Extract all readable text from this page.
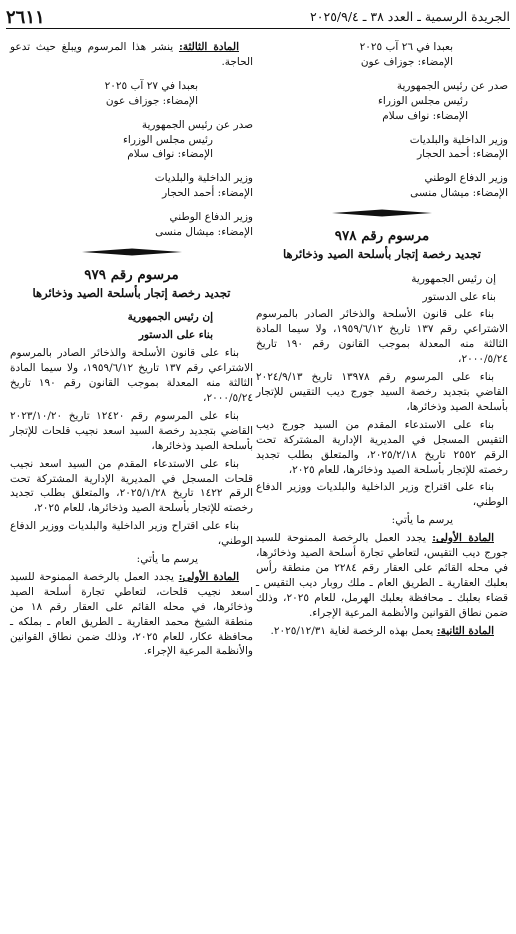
الجريدة الرسمية ـ العدد ٣٨ ـ ٢٠٢٥/٩/٤
٢٦١١

بعبدا في ٢٦ آب ٢٠٢٥

الإمضاء: جوزاف عون

صدر عن رئيس الجمهورية

رئيس مجلس الوزراء

الإمضاء: نواف سلام

وزير الداخلية والبلديات

الإمضاء: أحمد الحجار

وزير الدفاع الوطني

الإمضاء: ميشال منسى

مرسوم رقم ٩٧٨

تجديد رخصة إتجار بأسلحة الصيد وذخائرها

إن رئيس الجمهورية

بناء على الدستور

بناء على قانون الأسلحة والذخائر الصادر بالمرسوم الاشتراعي رقم ١٣٧ تاريخ ١٩٥٩/٦/١٢، ولا سيما المادة الثالثة منه المعدلة بموجب القانون رقم ١٩٠ تاريخ ٢٠٠٠/٥/٢٤،

بناء على المرسوم رقم ١٣٩٧٨ تاريخ ٢٠٢٤/٩/١٣ القاضي بتجديد رخصة السيد جورج ديب التقيس للإتجار بأسلحة الصيد وذخائرها،

بناء على الاستدعاء المقدم من السيد جورج ديب التقيس المسجل في المديرية الإدارية المشتركة تحت الرقم ٢٥٥٢ تاريخ ٢٠٢٥/٢/١٨، والمتعلق بطلب تجديد رخصته للإتجار بأسلحة الصيد وذخائرها، للعام ٢٠٢٥،

بناء على اقتراح وزير الداخلية والبلديات ووزير الدفاع الوطني،

يرسم ما يأتي:

المادة الأولى: يجدد العمل بالرخصة الممنوحة للسيد جورج ديب التقيس، لتعاطي تجارة أسلحة الصيد وذخائرها، في محله القائم على العقار رقم ٢٢٨٤ من منطقة رأس بعلبك العقارية ـ الطريق العام ـ ملك روبار ديب التقيس ـ قضاء بعلبك ـ محافظة بعلبك الهرمل، للعام ٢٠٢٥، وذلك ضمن نطاق القوانين والأنظمة المرعية الإجراء.

المادة الثانية: يعمل بهذه الرخصة لغاية ٢٠٢٥/١٢/٣١.

المادة الثالثة: ينشر هذا المرسوم ويبلغ حيث تدعو الحاجة.

بعبدا في ٢٧ آب ٢٠٢٥

الإمضاء: جوزاف عون

صدر عن رئيس الجمهورية

رئيس مجلس الوزراء

الإمضاء: نواف سلام

وزير الداخلية والبلديات

الإمضاء: أحمد الحجار

وزير الدفاع الوطني

الإمضاء: ميشال منسى

مرسوم رقم ٩٧٩

تجديد رخصة إتجار بأسلحة الصيد وذخائرها

إن رئيس الجمهورية

بناء على الدستور

بناء على قانون الأسلحة والذخائر الصادر بالمرسوم الاشتراعي رقم ١٣٧ تاريخ ١٩٥٩/٦/١٢، ولا سيما المادة الثالثة منه المعدلة بموجب القانون رقم ١٩٠ تاريخ ٢٠٠٠/٥/٢٤،

بناء على المرسوم رقم ١٢٤٢٠ تاريخ ٢٠٢٣/١٠/٢٠ القاضي بتجديد رخصة السيد اسعد نجيب قلحات للإتجار بأسلحة الصيد وذخائرها،

بناء على الاستدعاء المقدم من السيد اسعد نجيب قلحات المسجل في المديرية الإدارية المشتركة تحت الرقم ١٤٢٢ تاريخ ٢٠٢٥/١/٢٨، والمتعلق بطلب تجديد رخصته للإتجار بأسلحة الصيد وذخائرها، للعام ٢٠٢٥،

بناء على اقتراح وزير الداخلية والبلديات ووزير الدفاع الوطني،

يرسم ما يأتي:

المادة الأولى: يجدد العمل بالرخصة الممنوحة للسيد اسعد نجيب قلحات، لتعاطي تجارة أسلحة الصيد وذخائرها، في محله القائم على العقار رقم ١٨ من منطقة الشيخ محمد العقارية ـ الطريق العام ـ بملكه ـ محافظة عكار، للعام ٢٠٢٥، وذلك ضمن نطاق القوانين والأنظمة المرعية الإجراء.
